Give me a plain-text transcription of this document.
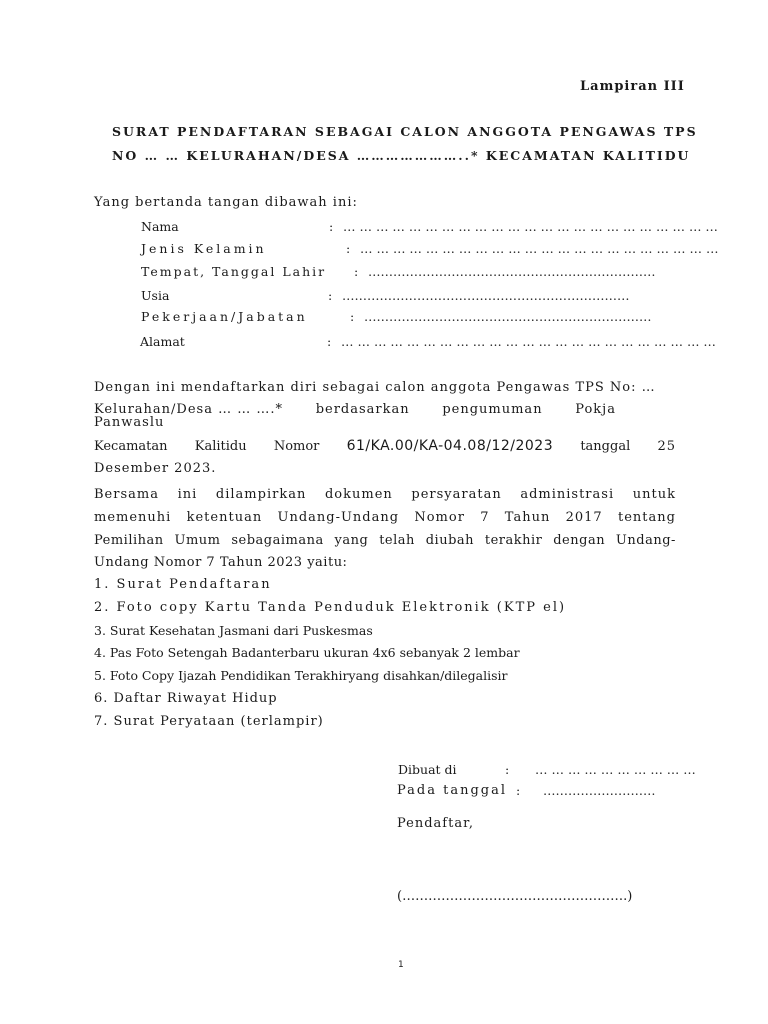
Lampiran III
SURAT PENDAFTARAN SEBAGAI CALON ANGGOTA PENGAWAS TPS
NO … … KELURAHAN/DESA …………………..* KECAMATAN KALITIDU
Yang bertanda tangan dibawah ini:
Nama	: … … … … … … … … … … … … … … … … … … … … … … …
Jenis Kelamin	: … … … … … … … … … … … … … … … … … … … … … …
Tempat, Tanggal Lahir : ……………………………………………………………
Usia	: ……………………………………………………………
Pekerjaan/Jabatan	: ……………………………………………………………
Alamat	: … … … … … … … … … … … … … … … … … … … … … … …
Dengan ini mendaftarkan diri sebagai calon anggota Pengawas TPS No: …
Kelurahan/Desa … … ….*	berdasarkan	pengumuman	Pokja
Panwaslu
Kecamatan Kalitidu Nomor 61/KA.00/KA-04.08/12/2023 tanggal 25
Desember 2023.
Bersama ini dilampirkan dokumen persyaratan administrasi untuk
memenuhi ketentuan Undang-Undang Nomor 7 Tahun 2017 tentang
Pemilihan Umum sebagaimana yang telah diubah terakhir dengan Undang-
Undang Nomor 7 Tahun 2023 yaitu:
1. Surat Pendaftaran
2. Foto copy Kartu Tanda Penduduk Elektronik (KTP el)
3. Surat Kesehatan Jasmani dari Puskesmas
4. Pas Foto Setengah Badanterbaru ukuran 4x6 sebanyak 2 lembar
5. Foto Copy Ijazah Pendidikan Terakhiryang disahkan/dilegalisir
6. Daftar Riwayat Hidup
7. Surat Peryataan (terlampir)
Dibuat di	: … … … … … … … … … …
Pada tanggal : ………………………
Pendaftar,
(…………………………………………….)
1
